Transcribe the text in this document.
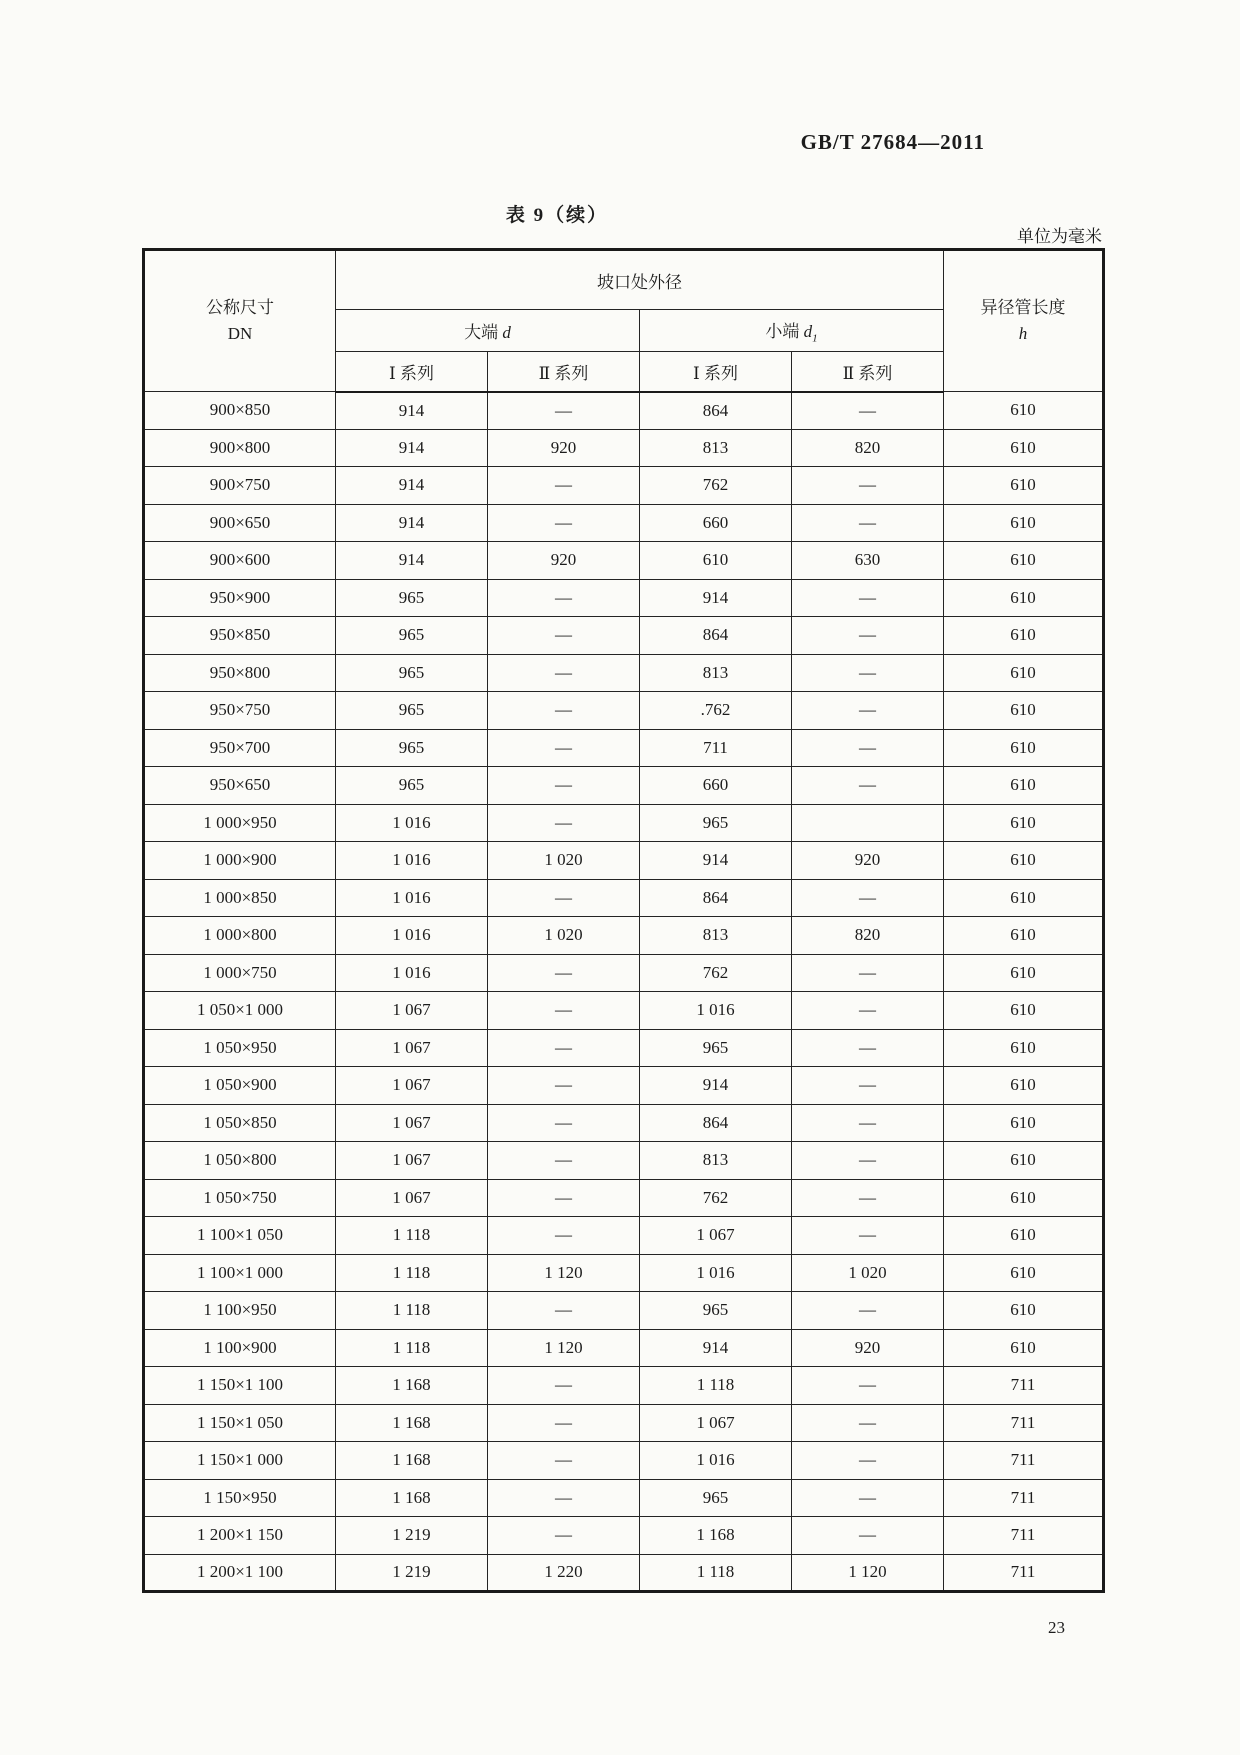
GB/T 27684—2011
表 9（续）
单位为毫米
公称尺寸
DN
	坡口处外径	
异径管长度
h

	大端 d		小端 $d_1$
	Ⅰ 系列	Ⅱ 系列	Ⅰ 系列	Ⅱ 系列	
900×850	914	—	864	—	610
900×800	914	920	813	820	610
900×750	914	—	762	—	610
900×650	914	—	660	—	610
900×600	914	920	610	630	610
950×900	965	—	914	—	610
950×850	965	—	864	—	610
950×800	965	—	813	—	610
950×750	965	—	.762	—	610
950×700	965	—	711	—	610
950×650	965	—	660	—	610
1 000×950	1 016	—	965		610
1 000×900	1 016	1 020	914	920	610
1 000×850	1 016	—	864	—	610
1 000×800	1 016	1 020	813	820	610
1 000×750	1 016	—	762	—	610
1 050×1 000	1 067	—	1 016	—	610
1 050×950	1 067	—	965	—	610
1 050×900	1 067	—	914	—	610
1 050×850	1 067	—	864	—	610
1 050×800	1 067	—	813	—	610
1 050×750	1 067	—	762	—	610
1 100×1 050	1 118	—	1 067	—	610
1 100×1 000	1 118	1 120	1 016	1 020	610
1 100×950	1 118	—	965	—	610
1 100×900	1 118	1 120	914	920	610
1 150×1 100	1 168	—	1 118	—	711
1 150×1 050	1 168	—	1 067	—	711
1 150×1 000	1 168	—	1 016	—	711
1 150×950	1 168	—	965	—	711
1 200×1 150	1 219	—	1 168	—	711
1 200×1 100	1 219	1 220	1 118	1 120	711
23
